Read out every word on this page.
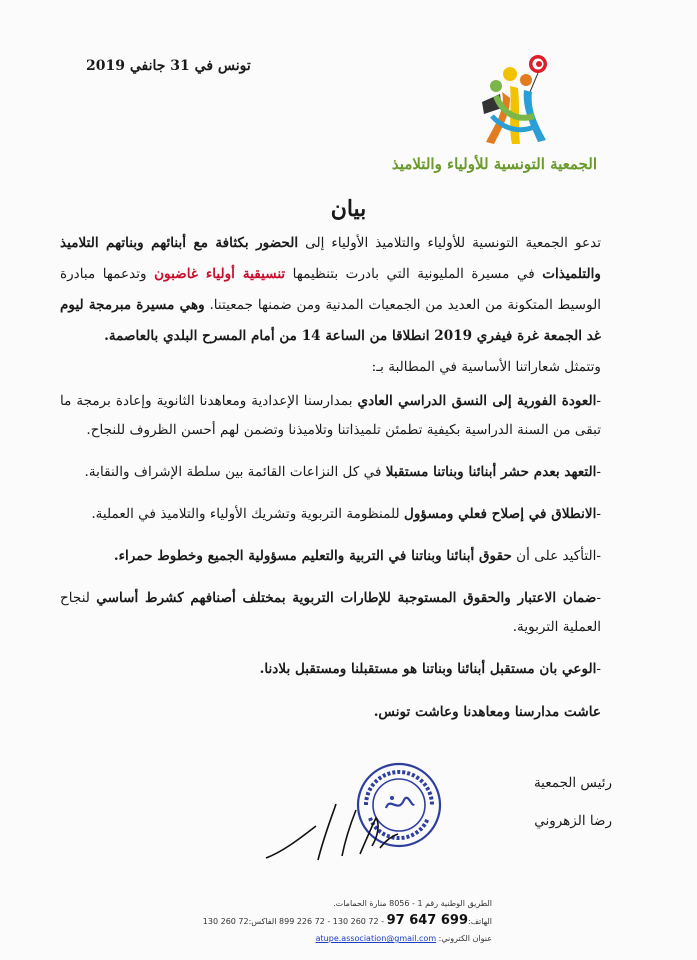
تونس في 31 جانفي 2019
الجمعية التونسية للأولياء والتلاميذ
بيان

تدعو الجمعية التونسية للأولياء والتلاميذ الأولياء إلى الحضور بكثافة مع أبنائهم وبناتهم التلاميذ والتلميذات في مسيرة المليونية التي بادرت بتنظيمها تنسيقية أولياء غاضبون وتدعمها مبادرة الوسيط المتكونة من العديد من الجمعيات المدنية ومن ضمنها جمعيتنا. وهي مسيرة مبرمجة ليوم غد الجمعة غرة فيفري 2019 انطلاقا من الساعة 14 من أمام المسرح البلدي بالعاصمة.

وتتمثل شعاراتنا الأساسية في المطالبة بـ:

-العودة الفورية إلى النسق الدراسي العادي بمدارسنا الإعدادية ومعاهدنا الثانوية وإعادة برمجة ما تبقى من السنة الدراسية بكيفية تطمئن تلميذاتنا وتلاميذنا وتضمن لهم أحسن الظروف للنجاح.
-التعهد بعدم حشر أبنائنا وبناتنا مستقبلا في كل النزاعات القائمة بين سلطة الإشراف والنقابة.
-الانطلاق في إصلاح فعلي ومسؤول للمنظومة التربوية وتشريك الأولياء والتلاميذ في العملية.
-التأكيد على أن حقوق أبنائنا وبناتنا في التربية والتعليم مسؤولية الجميع وخطوط حمراء.
-ضمان الاعتبار والحقوق المستوجبة للإطارات التربوية بمختلف أصنافهم كشرط أساسي لنجاح العملية التربوية.
-الوعي بان مستقبل أبنائنا وبناتنا هو مستقبلنا ومستقبل بلادنا.

عاشت مدارسنا ومعاهدنا وعاشت تونس.

رئيس الجمعية
رضا الزهروني
الطريق الوطنية رقم 1 - 8056 منارة الحمامات.
الهاتف:899 226 72 - 130 260 72 - 97 647 699 الفاكس:130 260 72
عنوان الكتروني: atupe.association@gmail.com
